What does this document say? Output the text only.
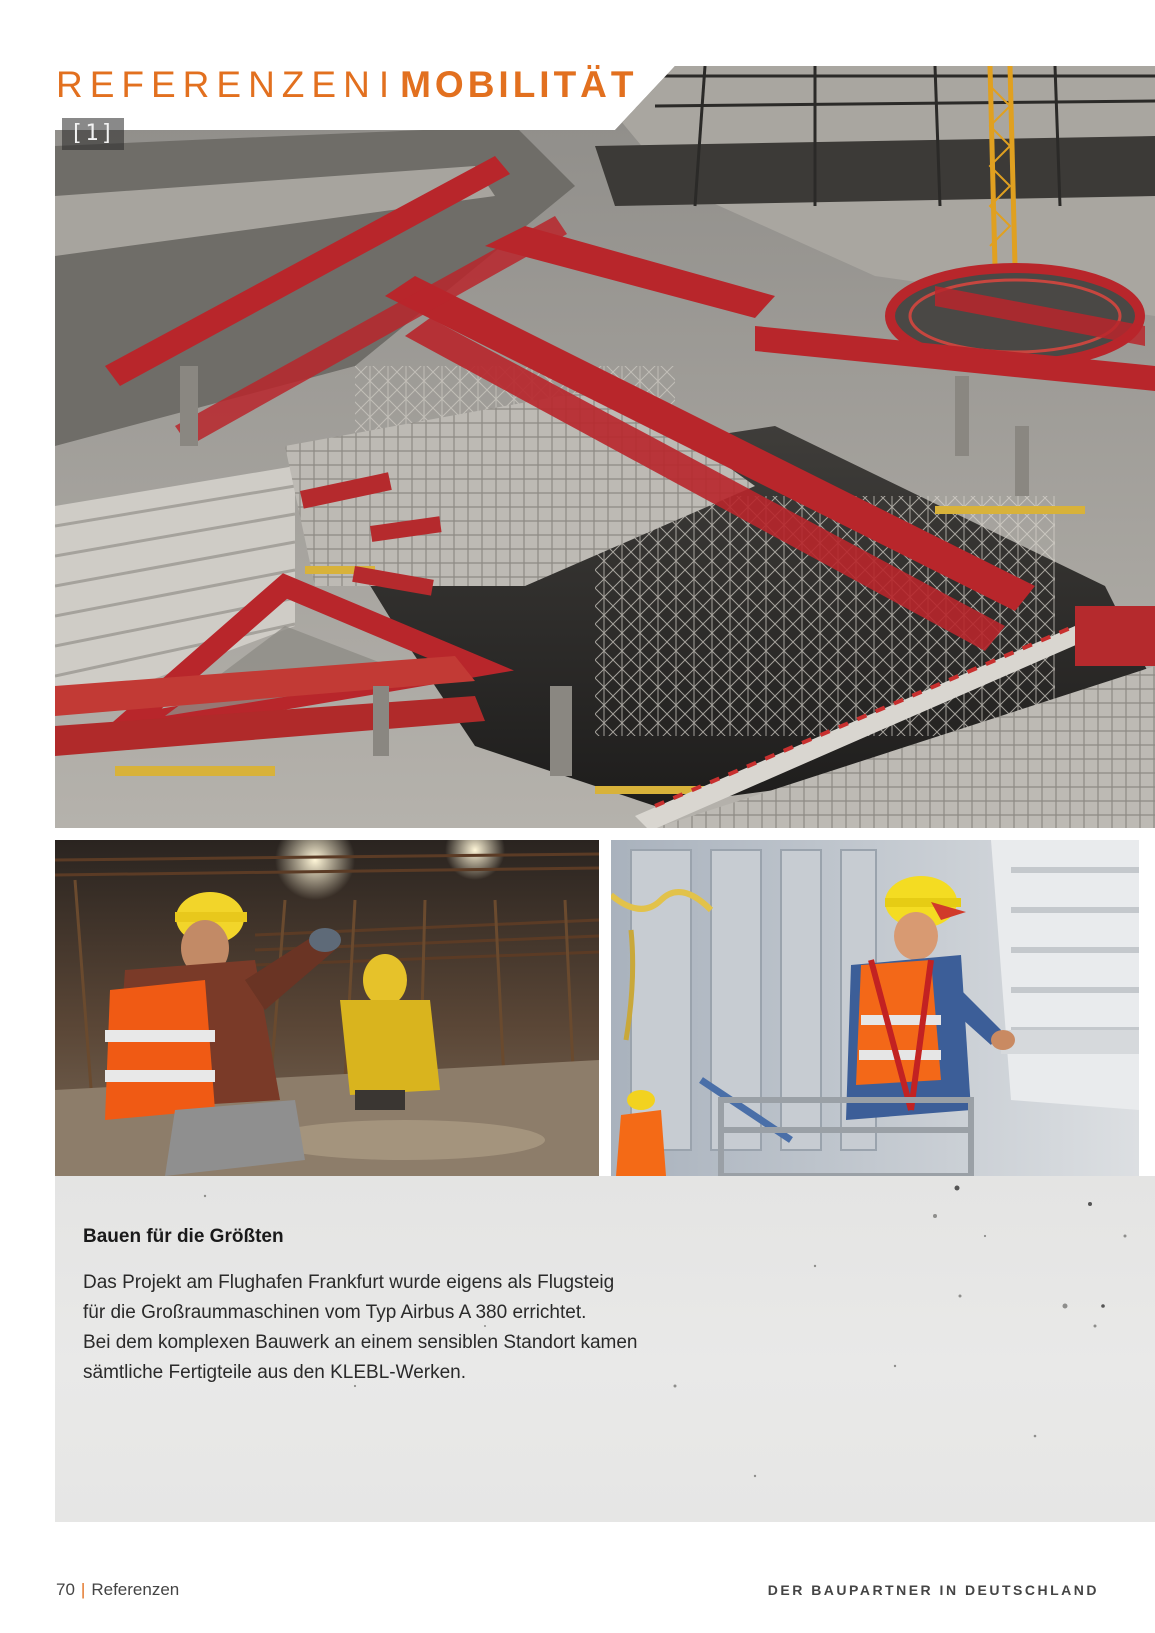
REFERENZEN I MOBILITÄT
[1]
Bauen für die Größten

Das Projekt am Flughafen Frankfurt wurde eigens als Flugsteig
für die Großraummaschinen vom Typ Airbus A 380 errichtet.
Bei dem komplexen Bauwerk an einem sensiblen Standort kamen
sämtliche Fertigteile aus den KLEBL-Werken.

70 | Referenzen	DER BAUPARTNER IN DEUTSCHLAND
